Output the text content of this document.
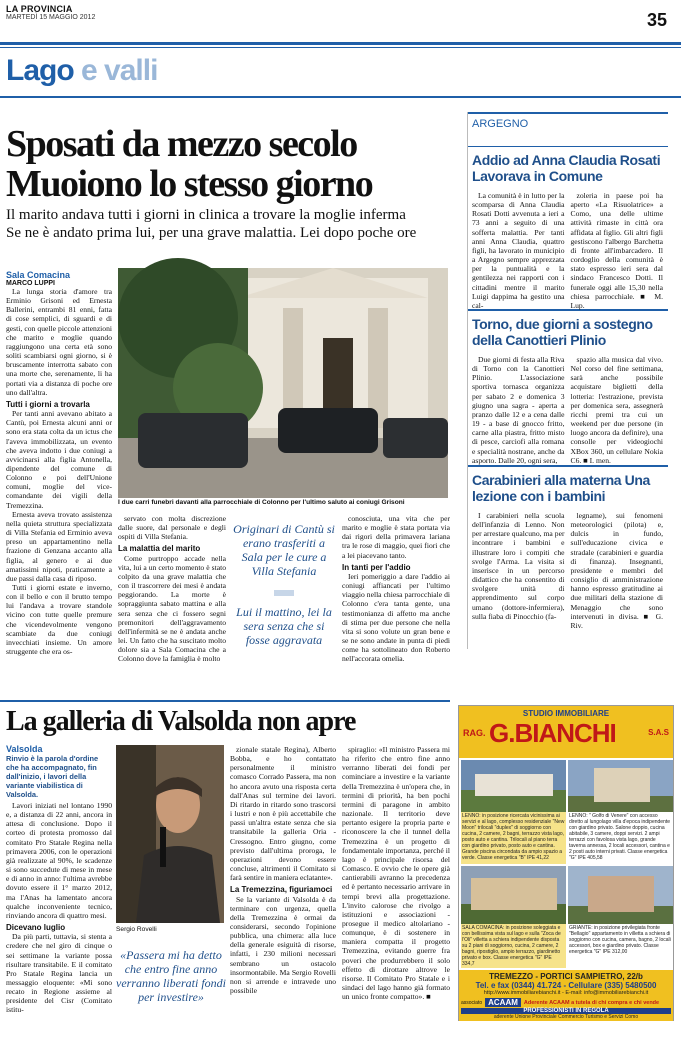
LA PROVINCIA
MARTEDÌ 15 MAGGIO 2012	35
Lago e valli
Sposati da mezzo secolo
Muoiono lo stesso giorno
Il marito andava tutti i giorni in clinica a trovare la moglie inferma
Se ne è andato prima lui, per una grave malattia. Lei dopo poche ore
Sala Comacina
MARCO LUPPI

La lunga storia d'amore tra Erminio Grisoni ed Ernesta Ballerini, entrambi 81 enni, fatta di cose semplici, di sguardi e di gesti, con quelle piccole attenzioni che marito e moglie quando raggiungono una certa età sono soliti scambiarsi ogni giorno, si è bruscamente interrotta sabato con una morte che, serenamente, li ha portati via a distanza di poche ore uno dall'altra.

Tutti i giorni a trovarla

Per tanti anni avevano abitato a Cantù, poi Ernesta alcuni anni or sono era stata colta da un ictus che l'aveva immobilizzata, un evento che aveva indotto i due coniugi a avvicinarsi alla figlia Antonella, dipendente del comune di Colonno e poi dell'Unione comuni, moglie del vice-comandante dei vigili della Tremezzina.

Ernesta aveva trovato assistenza nella quieta struttura specializzata di Villa Stefania ed Erminio aveva preso un appartamentino nella frazione di Genzana accanto alla figlia, al genero e ai due amatissimi nipoti, praticamente a due passi dalla casa di riposo.

Tutti i giorni estate e inverno, con il bello e con il brutto tempo lui l'andava a trovare standole vicino con tutte quelle premure che vicendevolmente vengono scambiate da due coniugi invecchiati insieme. Un amore struggente che era os-

I due carri funebri davanti alla parrocchiale di Colonno per l'ultimo saluto ai coniugi Grisoni

servato con molta discrezione dalle suore, dal personale e degli ospiti di Villa Stefania.

La malattia del marito

Come purtroppo accade nella vita, lui a un certo momento è stato colpito da una grave malattia che con il trascorrere dei mesi è andata peggiorando. La morte è sopraggiunta sabato mattina e alla sera senza che ci fossero segni premonitori dell'aggravamento dell'infermità se ne è andata anche lei. Un fatto che ha suscitato molto dolore sia a Sala Comacina che a Colonno dove la famiglia è molto

Originari di Cantù si erano trasferiti a Sala per le cure a Villa Stefania
Lui il mattino, lei la sera senza che si fosse aggravata

conosciuta, una vita che per marito e moglie è stata portata via dai rigori della primavera lariana tra le rose di maggio, quei fiori che a lei piacevano tanto.

In tanti per l'addio

Ieri pomeriggio a dare l'addio ai coniugi affiancati per l'ultimo viaggio nella chiesa parrocchiale di Colonno c'era tanta gente, una testimonianza di affetto ma anche di stima per due persone che nella vita si sono volute un gran bene e se ne sono andate in punta di piedi come ha sottolineato don Roberto nell'accorata omelia.

ARGEGNO
Addio ad Anna Claudia Rosati Lavorava in Comune

La comunità è in lutto per la scomparsa di Anna Claudia Rosati Dotti avvenuta a ieri a 73 anni a seguito di una sofferta malattia. Per tanti anni Anna Claudia, quattro figli, ha lavorato in municipio a Argegno sempre apprezzata per la puntualità e la gentilezza nei rapporti con i cittadini mentre il marito Luigi dappima ha gestito una cal-

zoleria in paese poi ha aperto «La Risuolatrice» a Como, una delle ultime attività rimaste in città ora affidata al figlio. Gli altri figli gestiscono l'albergo Barchetta di fronte all'imbarcadero. Il cordoglio della comunità è stato espresso ieri sera dal sindaco Francesco Dotti. Il funerale oggi alle 15,30 nella chiesa parrocchiale. ■ M. Lup.

Torno, due giorni a sostegno della Canottieri Plinio

Due giorni di festa alla Riva di Torno con la Canottieri Plinio. L'associazione sportiva tornasca organizza per sabato 2 e domenica 3 giugno una sagra - aperta a pranzo dalle 12 e a cena dalle 19 - a base di gnocco fritto, carne alla piastra, fritto misto di pesce, carciofi alla romana e specialità nostrane, anche da asporto. Dalle 20, ogni sera,

spazio alla musica dal vivo. Nel corso del fine settimana, sarà anche possibile acquistare biglietti della lotteria: l'estrazione, prevista per domenica sera, assegnerà ricchi premi tra cui un weekend per due persone (in luogo ancora da definire), una consolle per videogiochi XBox 360, un cellulare Nokia C6. ■ I. men.

Carabinieri alla materna Una lezione con i bambini

I carabinieri nella scuola dell'infanzia di Lenno. Non per arrestare qualcuno, ma per incontrare i bambini e illustrare loro i compiti che svolge l'Arma. La visita si inserisce in un percorso didattico che ha consentito di svolgere unità di apprendimento sul corpo umano (dottore-infermiera), sulla fiaba di Pinocchio (fa-

legname), sui fenomeni meteorologici (pilota) e, dulcis in fundo, sull'educazione civica e stradale (carabinieri e guardia di finanza). Insegnanti, presidente e membri del consiglio di amministrazione hanno espresso gratitudine ai due militari della stazione di Menaggio che sono intervenuti in divisa. ■ G. Riv.

La galleria di Valsolda non apre
Valsolda
Rinvio è la parola d'ordine che ha accompagnato, fin dall'inizio, i lavori della variante viabilistica di Valsolda.

Lavori iniziati nel lontano 1990 e, a distanza di 22 anni, ancora in attesa di conclusione. Dopo il corteo di protesta promosso dal comitato Pro Statale Regina nella primavera 2006, con le operazioni già realizzate al 90%, le scadenze si sono succedute di mese in mese e di anno in anno: l'ultima avrebbe dovuto essere il 1° marzo 2012, ma l'Anas ha lamentato ancora qualche inconveniente tecnico, rinviando ancora di quattro mesi.

Dicevano luglio

Da più parti, tuttavia, si stenta a credere che nel giro di cinque o sei settimane la variante possa risultare transitabile. E il comitato Pro Statale Regina lancia un messaggio eloquente: «Mi sono recato in Regione assieme al presidente del Cisr (Comitato istitu-

Sergio Rovelli
«Passera mi ha detto che entro fine anno verranno liberati fondi per investire»

zionale statale Regina), Alberto Bobba, e ho contattato personalmente il ministro comasco Corrado Passera, ma non ho ancora avuto una risposta certa dall'Anas sul termine dei lavori. Di ritardo in ritardo sono trascorsi i lustri e non è più accettabile che passi un'altra estate senza che sia transitabile la galleria Oria - Cressogno. Entro giugno, come previsto dall'ultima proroga, le operazioni devono essere concluse, altrimenti il Comitato si farà sentire in maniera eclatante».

La Tremezzina, figuriamoci

Se la variante di Valsolda è da terminare con urgenza, quella della Tremezzina è ormai da considerarsi, secondo l'opinione pubblica, una chimera: alla luce della generale esiguità di risorse, infatti, i 230 milioni necessari sembrano un ostacolo insormontabile. Ma Sergio Rovelli non si arrende e intravede uno possibile

spiraglio: «Il ministro Passera mi ha riferito che entro fine anno verranno liberati dei fondi per cominciare a investire e la variante della Tremezzina è un'opera che, in termini di priorità, ha ben pochi termini di paragone in ambito nazionale. Il territorio deve pertanto esigere la propria parte e riconoscere la che il tunnel della Tremezzina è un progetto di fondamentale importanza, perché il lago è principale risorsa del Comasco. E ovvio che le opere già cantierabili avranno la precedenza ed è pertanto necessario arrivare in tempi brevi alla progettazione. L'invito calorose che rivolgo a istituzioni e associazioni - prosegue il medico altolariano - comunque, è di sostenere in maniera compatta il progetto Tremezzina, evitando guerre fra poveri che produrrebbero il solo effetto di dirottare altrove le risorse. Il Comitato Pro Statale e i sindaci del lago hanno già formato un unico fronte compatto». ■

STUDIO IMMOBILIARE
RAG. G.BIANCHI	S.A.S
LENNO: in posizione ricercata vicinissima ai servizi e al lago, complesso residenziale "New Moon" trilocali "duplex" di soggiorno con cucina, 2 camere, 2 bagni, terrazzo vista lago, posto auto e cantina. Trilocali al piano terra con giardino privato, posto auto e cantina. Grande piscina circondata da ampio spazio a verde. Classe energetica "B" IPE 41,22
LENNO: " Golfo di Venere" con accesso diretto al lungolago villa d'epoca indipendente con giardino privato. Salone doppio, cucina abitabile, 3 camere, doppi servizi. 2 ampi terrazzi con favolosa vista lago, grande taverna annessa, 2 locali accessori, cantina e 2 posti auto interni privati. Classe energetica "G" IPE 405,58
SALA COMACINA: in posizione soleggiata e con bellissima vista sul lago e sulla "Zoca de l'Oli" villetta a schiera indipendente disposta su 2 piani di soggiorno, cucina, 2 camere, 2 bagni, ripostiglio, ampio terrazzo, giardinetto privato e box. Classe energetica "G" IPE 334,7
GRIANTE: in posizione privilegiata fronte "Bellagio" appartamento in villetta a schiera di soggiorno con cucina, camera, bagno, 2 locali accessori, box e giardino privato. Classe energetica "G" IPE 312,00
TREMEZZO - PORTICI SAMPIETRO, 22/b
Tel. e fax (0344) 41.724 - Cellulare (335) 5480500
http://www.immobiliarebianchi.it - E-mail: info@immobiliarebianchi.it
associato ACAAM	Aderente ACAAM a tutela di chi compra e chi vende
PROFESSIONISTI IN REGOLA
aderente Unione Provinciale Commercio Turismo e Servizi Como
